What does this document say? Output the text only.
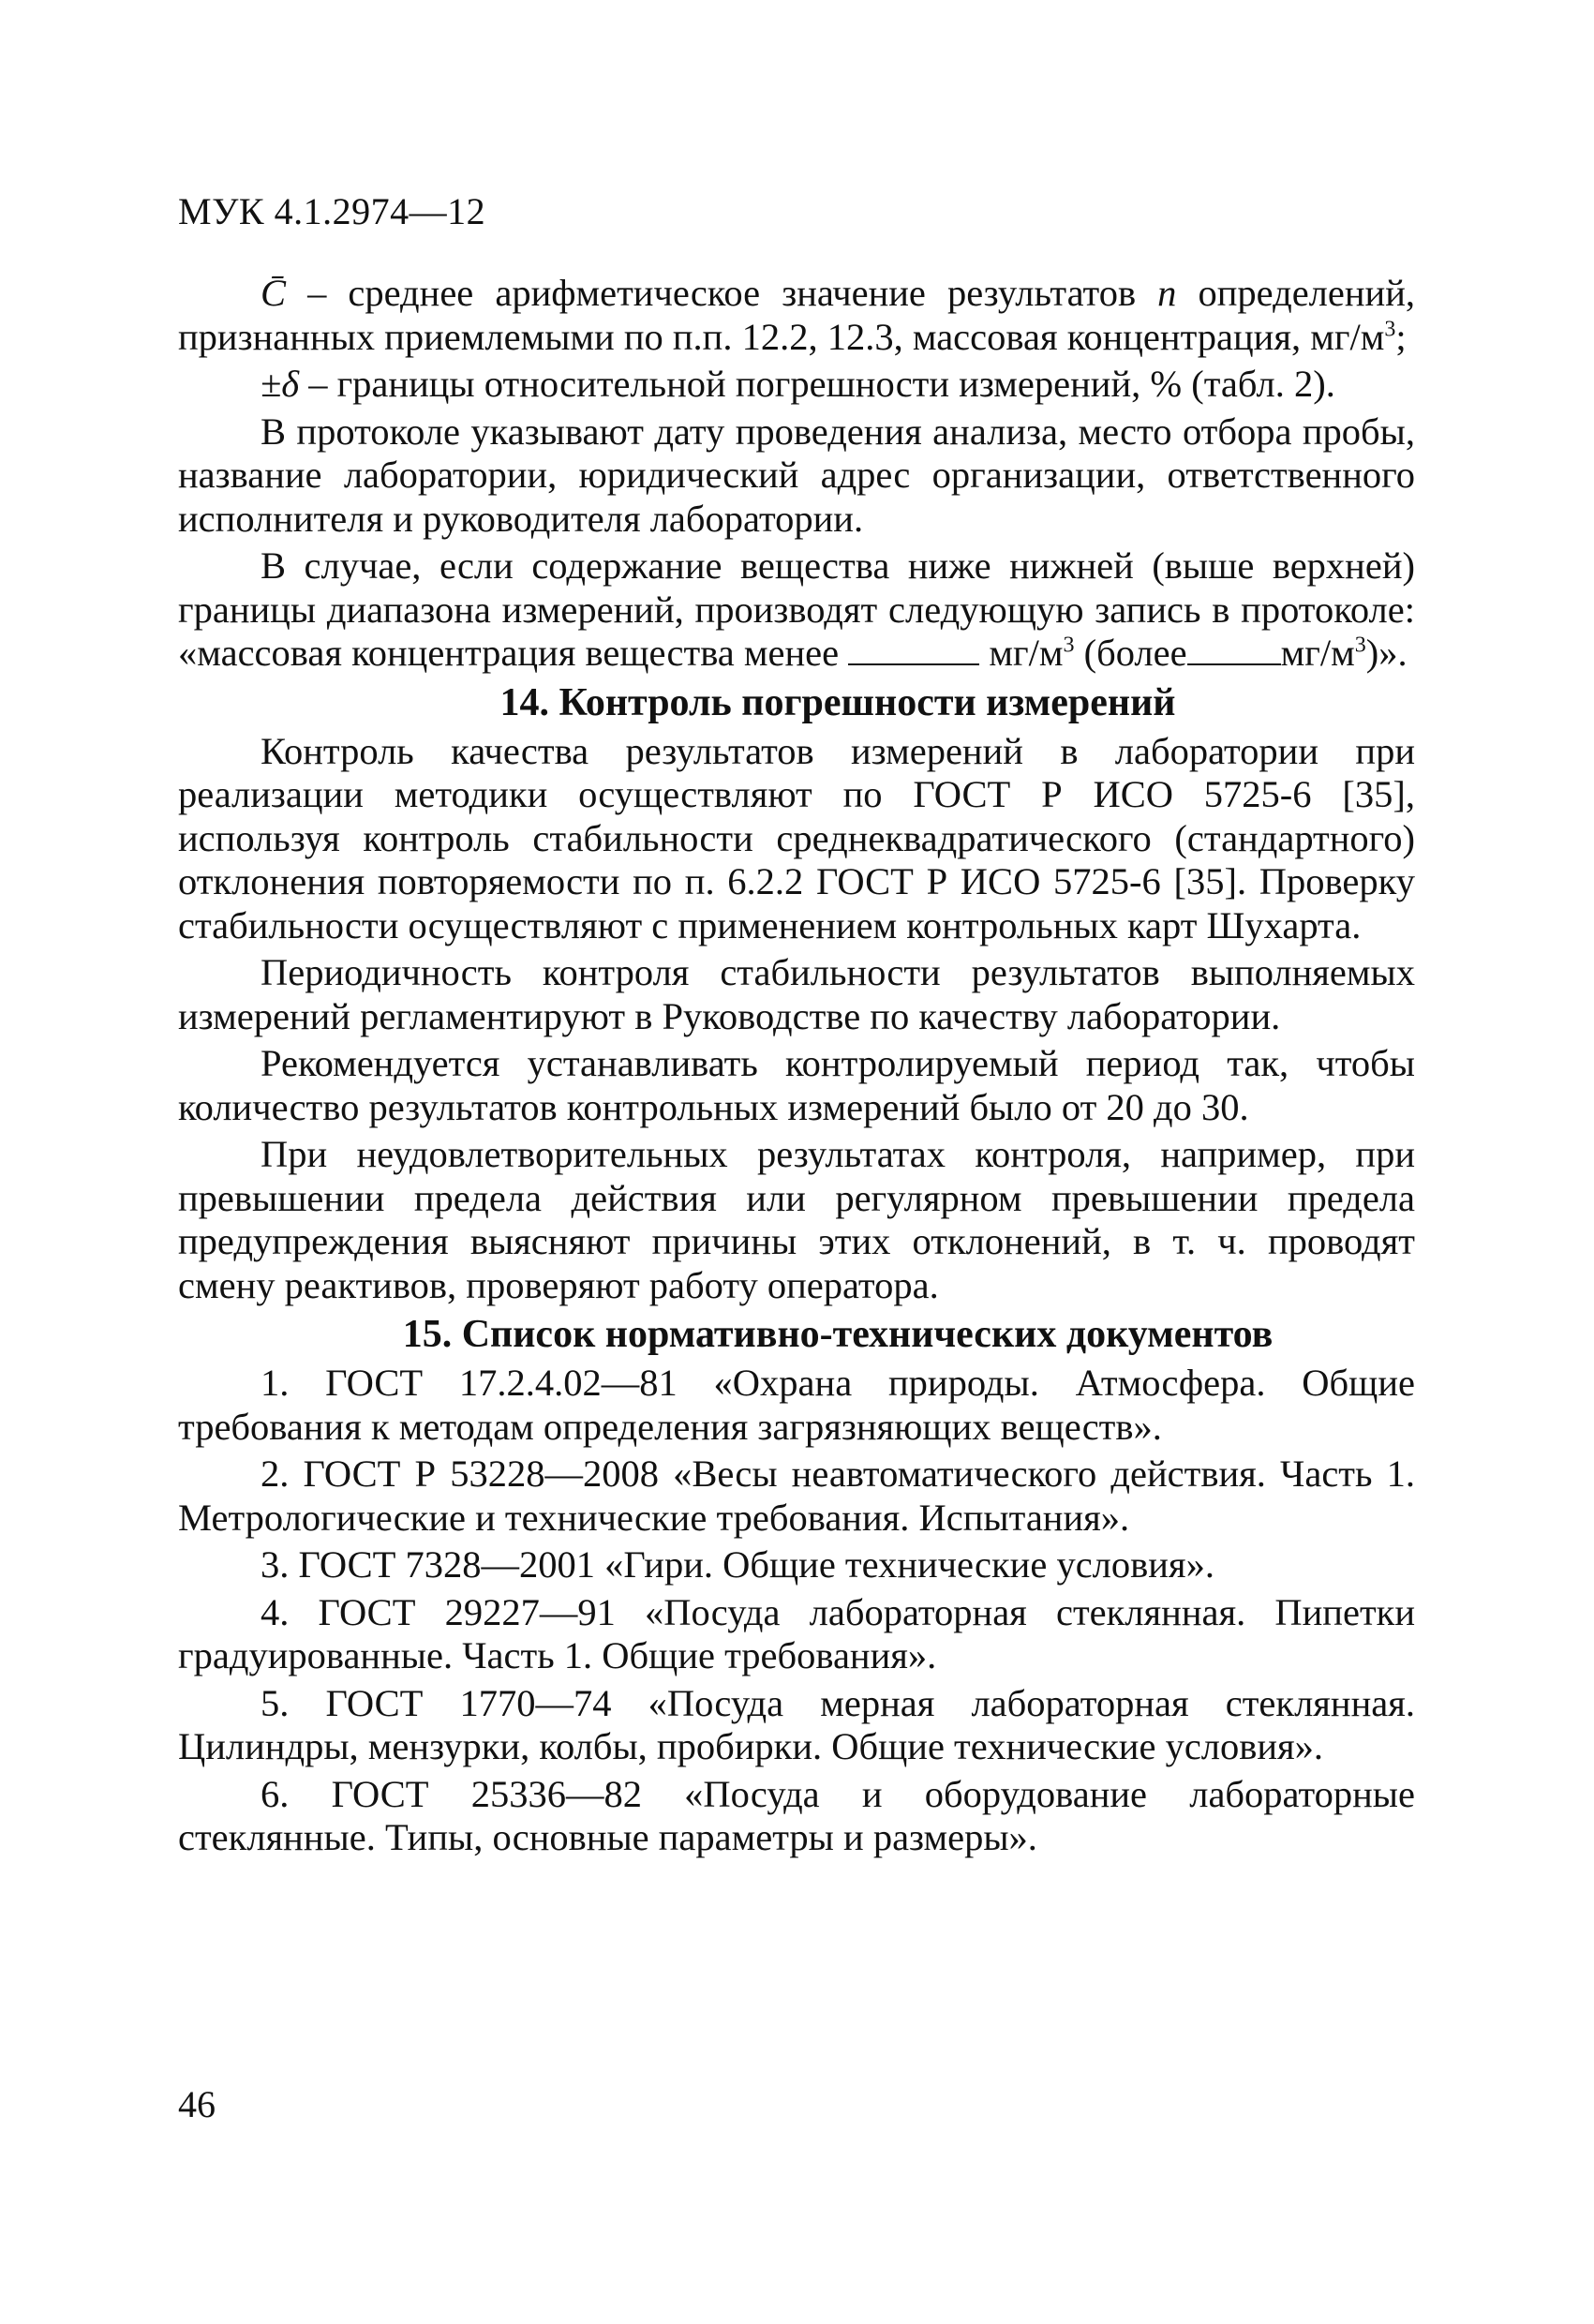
МУК 4.1.2974—12

C̄ – среднее арифметическое значение результатов n определений, признанных приемлемыми по п.п. 12.2, 12.3, массовая концентрация, $мг/м^3$;

±δ – границы относительной погрешности измерений, % (табл. 2).

В протоколе указывают дату проведения анализа, место отбора пробы, название лаборатории, юридический адрес организации, ответственного исполнителя и руководителя лаборатории.

В случае, если содержание вещества ниже нижней (выше верхней) границы диапазона измерений, производят следующую запись в протоколе: «массовая концентрация вещества менее	$мг/м^3$ (более $мг/м^3$)».

14. Контроль погрешности измерений

Контроль качества результатов измерений в лаборатории при реализации методики осуществляют по ГОСТ Р ИСО 5725-6 [35], используя контроль стабильности среднеквадратического (стандартного) отклонения повторяемости по п. 6.2.2 ГОСТ Р ИСО 5725-6 [35]. Проверку стабильности осуществляют с применением контрольных карт Шухарта.

Периодичность контроля стабильности результатов выполняемых измерений регламентируют в Руководстве по качеству лаборатории.

Рекомендуется устанавливать контролируемый период так, чтобы количество результатов контрольных измерений было от 20 до 30.

При неудовлетворительных результатах контроля, например, при превышении предела действия или регулярном превышении предела предупреждения выясняют причины этих отклонений, в т. ч. проводят смену реактивов, проверяют работу оператора.

15. Список нормативно-технических документов

1. ГОСТ 17.2.4.02—81 «Охрана природы. Атмосфера. Общие требования к методам определения загрязняющих веществ».

2. ГОСТ Р 53228—2008 «Весы неавтоматического действия. Часть 1. Метрологические и технические требования. Испытания».

3. ГОСТ 7328—2001 «Гири. Общие технические условия».

4. ГОСТ 29227—91 «Посуда лабораторная стеклянная. Пипетки градуированные. Часть 1. Общие требования».

5. ГОСТ 1770—74 «Посуда мерная лабораторная стеклянная. Цилиндры, мензурки, колбы, пробирки. Общие технические условия».

6. ГОСТ 25336—82 «Посуда и оборудование лабораторные стеклянные. Типы, основные параметры и размеры».

46
